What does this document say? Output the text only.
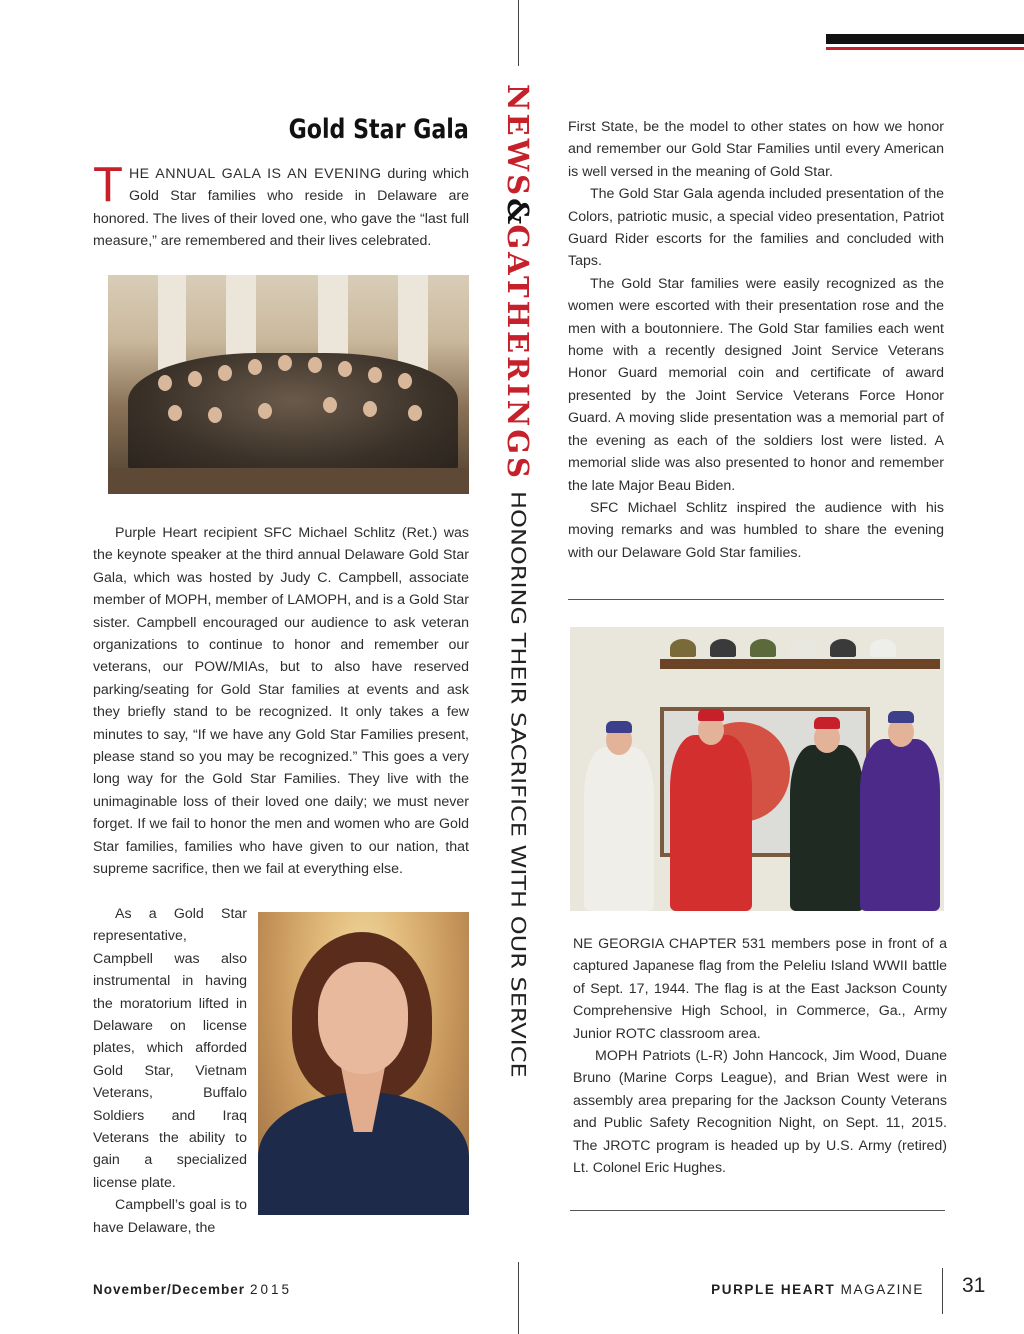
NEWS&GATHERINGS HONORING THEIR SACRIFICE WITH OUR SERVICE
Gold Star Gala

THE ANNUAL GALA IS AN EVENING during which Gold Star families who reside in Delaware are honored. The lives of their loved one, who gave the “last full measure,” are remembered and their lives celebrated.

Purple Heart recipient SFC Michael Schlitz (Ret.) was the keynote speaker at the third annual Delaware Gold Star Gala, which was hosted by Judy C. Campbell, associate member of MOPH, member of LAMOPH, and is a Gold Star sister. Campbell encouraged our audience to ask veteran organizations to continue to honor and remember our veterans, our POW/MIAs, but to also have reserved parking/seating for Gold Star families at events and ask they briefly stand to be recognized. It only takes a few minutes to say, “If we have any Gold Star Families present, please stand so you may be recognized.” This goes a very long way for the Gold Star Families. They live with the unimaginable loss of their loved one daily; we must never forget. If we fail to honor the men and women who are Gold Star families, families who have given to our nation, that supreme sacrifice, then we fail at everything else.

As a Gold Star representative, Campbell was also instrumental in having the moratorium lifted in Delaware on license plates, which afforded Gold Star, Vietnam Veterans, Buffalo Soldiers and Iraq Veterans the ability to gain a specialized license plate.

Campbell’s goal is to have Delaware, the

First State, be the model to other states on how we honor and remember our Gold Star Families until every American is well versed in the meaning of Gold Star.

The Gold Star Gala agenda included presentation of the Colors, patriotic music, a special video presentation, Patriot Guard Rider escorts for the families and concluded with Taps.

The Gold Star families were easily recognized as the women were escorted with their presentation rose and the men with a boutonniere. The Gold Star families each went home with a recently designed Joint Service Veterans Honor Guard memorial coin and certificate of award presented by the Joint Service Veterans Force Honor Guard. A moving slide presentation was a memorial part of the evening as each of the soldiers lost were listed. A memorial slide was also presented to honor and remember the late Major Beau Biden.

SFC Michael Schlitz inspired the audience with his moving remarks and was humbled to share the evening with our Delaware Gold Star families.

NE GEORGIA CHAPTER 531 members pose in front of a captured Japanese flag from the Peleliu Island WWII battle of Sept. 17, 1944. The flag is at the East Jackson County Comprehensive High School, in Commerce, Ga., Army Junior ROTC classroom area.

MOPH Patriots (L-R) John Hancock, Jim Wood, Duane Bruno (Marine Corps League), and Brian West were in assembly area preparing for the Jackson County Veterans and Public Safety Recognition Night, on Sept. 11, 2015. The JROTC program is headed up by U.S. Army (retired) Lt. Colonel Eric Hughes.

November/December 2015	PURPLE HEART MAGAZINE 31
